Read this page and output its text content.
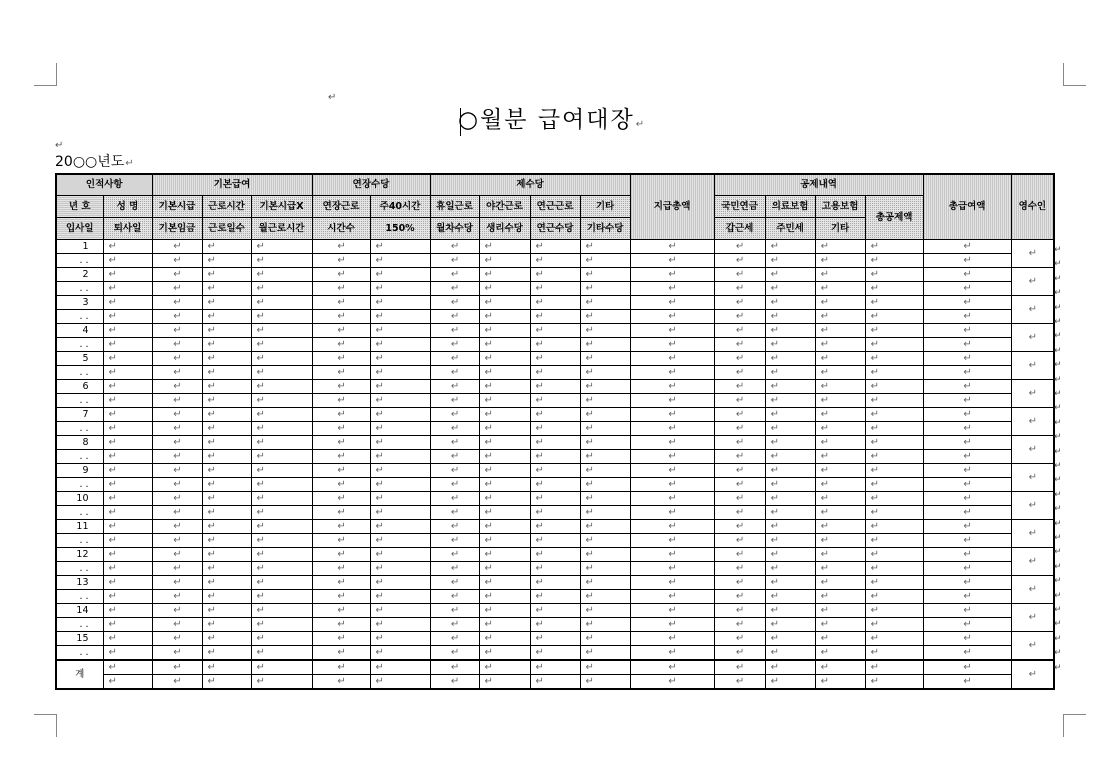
↵
↵
○월분 급여대장↵
20○○년도↵
인적사항		기본급여			연장수당		제수당				지급총액	공제내역				총급여액	영수인
년 호	성 명	기본시급	근로시간	기본시급X	연장근로	주40시간	휴일근로	야간근로	연근근로	기타		국민연금	의료보험	고용보험	총공제액		
입사일	퇴사일	기본임금	근로일수	월근로시간	시간수	150%	월차수당	생리수당	연근수당	기타수당		갑근세	주민세	기타			
1	↵	↵	↵	↵	↵	↵	↵	↵	↵	↵	↵	↵	↵	↵	↵	↵	↵
. .	↵	↵	↵	↵	↵	↵	↵	↵	↵	↵	↵	↵	↵	↵	↵	↵	
2	↵	↵	↵	↵	↵	↵	↵	↵	↵	↵	↵	↵	↵	↵	↵	↵	↵
. .	↵	↵	↵	↵	↵	↵	↵	↵	↵	↵	↵	↵	↵	↵	↵	↵	
3	↵	↵	↵	↵	↵	↵	↵	↵	↵	↵	↵	↵	↵	↵	↵	↵	↵
. .	↵	↵	↵	↵	↵	↵	↵	↵	↵	↵	↵	↵	↵	↵	↵	↵	
4	↵	↵	↵	↵	↵	↵	↵	↵	↵	↵	↵	↵	↵	↵	↵	↵	↵
. .	↵	↵	↵	↵	↵	↵	↵	↵	↵	↵	↵	↵	↵	↵	↵	↵	
5	↵	↵	↵	↵	↵	↵	↵	↵	↵	↵	↵	↵	↵	↵	↵	↵	↵
. .	↵	↵	↵	↵	↵	↵	↵	↵	↵	↵	↵	↵	↵	↵	↵	↵	
6	↵	↵	↵	↵	↵	↵	↵	↵	↵	↵	↵	↵	↵	↵	↵	↵	↵
. .	↵	↵	↵	↵	↵	↵	↵	↵	↵	↵	↵	↵	↵	↵	↵	↵	
7	↵	↵	↵	↵	↵	↵	↵	↵	↵	↵	↵	↵	↵	↵	↵	↵	↵
. .	↵	↵	↵	↵	↵	↵	↵	↵	↵	↵	↵	↵	↵	↵	↵	↵	
8	↵	↵	↵	↵	↵	↵	↵	↵	↵	↵	↵	↵	↵	↵	↵	↵	↵
. .	↵	↵	↵	↵	↵	↵	↵	↵	↵	↵	↵	↵	↵	↵	↵	↵	
9	↵	↵	↵	↵	↵	↵	↵	↵	↵	↵	↵	↵	↵	↵	↵	↵	↵
. .	↵	↵	↵	↵	↵	↵	↵	↵	↵	↵	↵	↵	↵	↵	↵	↵	
10	↵	↵	↵	↵	↵	↵	↵	↵	↵	↵	↵	↵	↵	↵	↵	↵	↵
. .	↵	↵	↵	↵	↵	↵	↵	↵	↵	↵	↵	↵	↵	↵	↵	↵	
11	↵	↵	↵	↵	↵	↵	↵	↵	↵	↵	↵	↵	↵	↵	↵	↵	↵
. .	↵	↵	↵	↵	↵	↵	↵	↵	↵	↵	↵	↵	↵	↵	↵	↵	
12	↵	↵	↵	↵	↵	↵	↵	↵	↵	↵	↵	↵	↵	↵	↵	↵	↵
. .	↵	↵	↵	↵	↵	↵	↵	↵	↵	↵	↵	↵	↵	↵	↵	↵	
13	↵	↵	↵	↵	↵	↵	↵	↵	↵	↵	↵	↵	↵	↵	↵	↵	↵
. .	↵	↵	↵	↵	↵	↵	↵	↵	↵	↵	↵	↵	↵	↵	↵	↵	
14	↵	↵	↵	↵	↵	↵	↵	↵	↵	↵	↵	↵	↵	↵	↵	↵	↵
. .	↵	↵	↵	↵	↵	↵	↵	↵	↵	↵	↵	↵	↵	↵	↵	↵	
15	↵	↵	↵	↵	↵	↵	↵	↵	↵	↵	↵	↵	↵	↵	↵	↵	↵
. .	↵	↵	↵	↵	↵	↵	↵	↵	↵	↵	↵	↵	↵	↵	↵	↵	
계	↵	↵	↵	↵	↵	↵	↵	↵	↵	↵	↵	↵	↵	↵	↵	↵	↵
	↵	↵	↵	↵	↵	↵	↵	↵	↵	↵	↵	↵	↵	↵	↵	↵	
↵
↵
↵
↵
↵
↵
↵
↵
↵
↵
↵
↵
↵
↵
↵
↵
↵
↵
↵
↵
↵
↵
↵
↵
↵
↵
↵
↵
↵
↵
